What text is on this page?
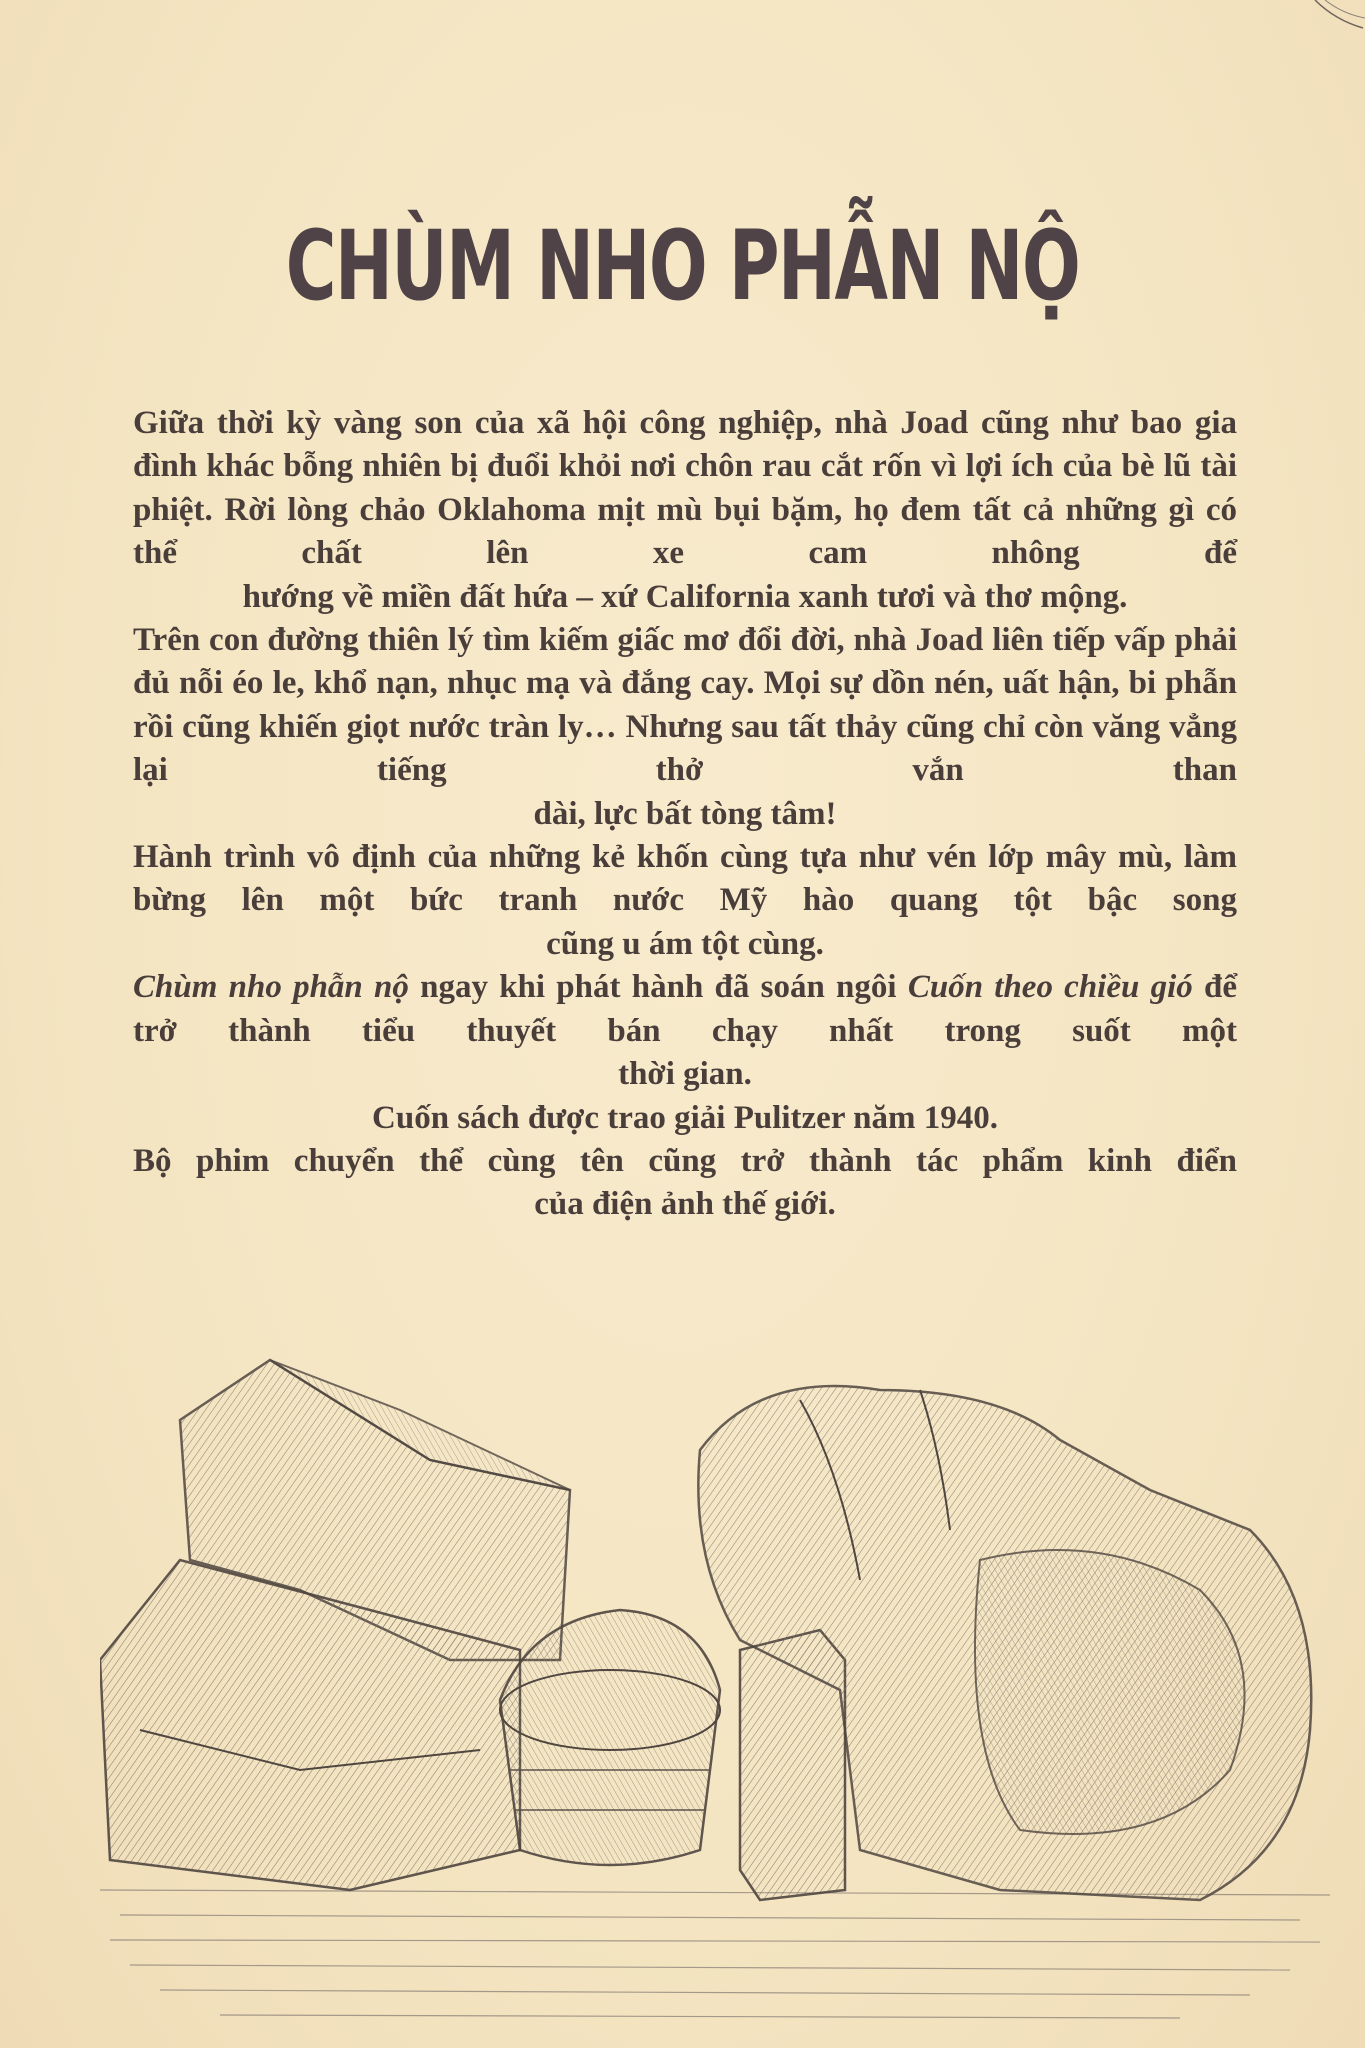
CHÙM NHO PHẪN NỘ

Giữa thời kỳ vàng son của xã hội công nghiệp, nhà Joad cũng như bao gia đình khác bỗng nhiên bị đuổi khỏi nơi chôn rau cắt rốn vì lợi ích của bè lũ tài phiệt. Rời lòng chảo Oklahoma mịt mù bụi bặm, họ đem tất cả những gì có thể chất lên xe cam nhông để

hướng về miền đất hứa – xứ California xanh tươi và thơ mộng.

Trên con đường thiên lý tìm kiếm giấc mơ đổi đời, nhà Joad liên tiếp vấp phải đủ nỗi éo le, khổ nạn, nhục mạ và đắng cay. Mọi sự dồn nén, uất hận, bi phẫn rồi cũng khiến giọt nước tràn ly… Nhưng sau tất thảy cũng chỉ còn văng vẳng lại tiếng thở vắn than

dài, lực bất tòng tâm!

Hành trình vô định của những kẻ khốn cùng tựa như vén lớp mây mù, làm bừng lên một bức tranh nước Mỹ hào quang tột bậc song

cũng u ám tột cùng.

Chùm nho phẫn nộ ngay khi phát hành đã soán ngôi Cuốn theo chiều gió để trở thành tiểu thuyết bán chạy nhất trong suốt một

thời gian.

Cuốn sách được trao giải Pulitzer năm 1940.

Bộ phim chuyển thể cùng tên cũng trở thành tác phẩm kinh điển

của điện ảnh thế giới.
